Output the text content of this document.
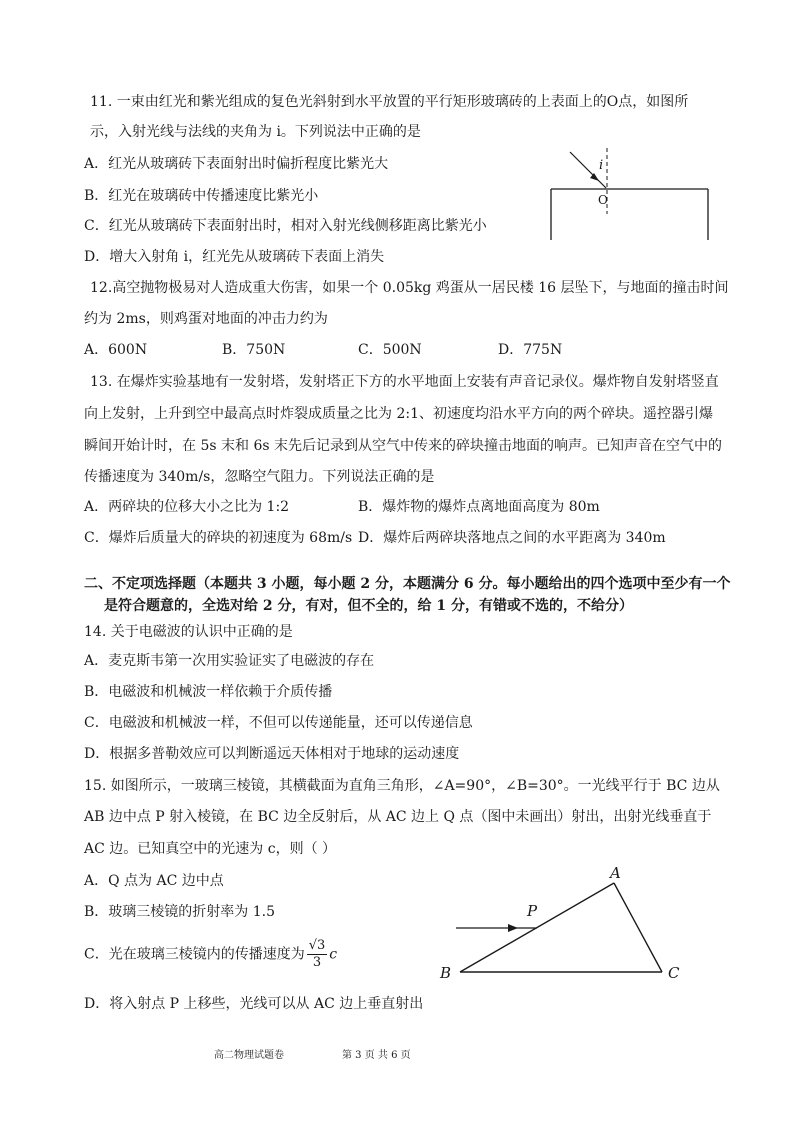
11. 一束由红光和紫光组成的复色光斜射到水平放置的平行矩形玻璃砖的上表面上的O点，如图所
示，入射光线与法线的夹角为 i。下列说法中正确的是
A．红光从玻璃砖下表面射出时偏折程度比紫光大
B．红光在玻璃砖中传播速度比紫光小
C．红光从玻璃砖下表面射出时，相对入射光线侧移距离比紫光小
D．增大入射角 i，红光先从玻璃砖下表面上消失
i
O
12.高空抛物极易对人造成重大伤害，如果一个 0.05kg 鸡蛋从一居民楼 16 层坠下，与地面的撞击时间
约为 2ms，则鸡蛋对地面的冲击力约为
A．600N	B．750N	C．500N	D．775N
13. 在爆炸实验基地有一发射塔，发射塔正下方的水平地面上安装有声音记录仪。爆炸物自发射塔竖直
向上发射，上升到空中最高点时炸裂成质量之比为 2:1、初速度均沿水平方向的两个碎块。遥控器引爆
瞬间开始计时，在 5s 末和 6s 末先后记录到从空气中传来的碎块撞击地面的响声。已知声音在空气中的
传播速度为 340m/s，忽略空气阻力。下列说法正确的是
A．两碎块的位移大小之比为 1:2	B．爆炸物的爆炸点离地面高度为 80m
C．爆炸后质量大的碎块的初速度为 68m/s D．爆炸后两碎块落地点之间的水平距离为 340m
二、不定项选择题（本题共 3 小题，每小题 2 分，本题满分 6 分。每小题给出的四个选项中至少有一个
是符合题意的，全选对给 2 分，有对，但不全的，给 1 分，有错或不选的，不给分）
14. 关于电磁波的认识中正确的是
A．麦克斯韦第一次用实验证实了电磁波的存在
B．电磁波和机械波一样依赖于介质传播
C．电磁波和机械波一样，不但可以传递能量，还可以传递信息
D．根据多普勒效应可以判断遥远天体相对于地球的运动速度
15. 如图所示，一玻璃三棱镜，其横截面为直角三角形，∠A=90°，∠B=30°。一光线平行于 BC 边从
AB 边中点 P 射入棱镜，在 BC 边全反射后，从 AC 边上 Q 点（图中未画出）射出，出射光线垂直于
AC 边。已知真空中的光速为 c，则（ ）
A．Q 点为 AC 边中点
B．玻璃三棱镜的折射率为 1.5
C．光在玻璃三棱镜内的传播速度为 $\frac{√3}{3}$ c
D．将入射点 P 上移些，光线可以从 AC 边上垂直射出
A
B	C
P
高二物理试题卷	第 3 页 共 6 页
